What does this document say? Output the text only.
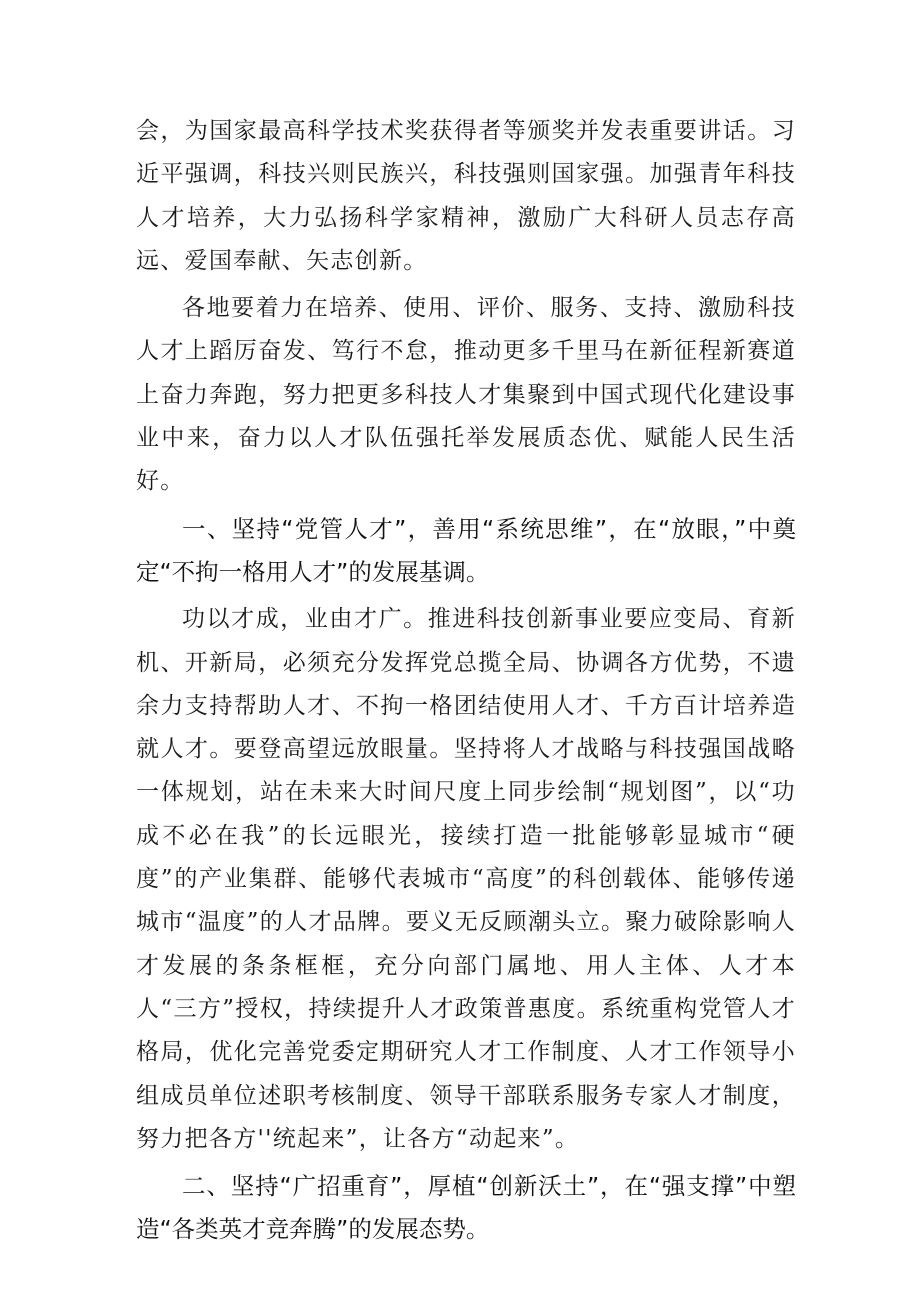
会，为国家最高科学技术奖获得者等颁奖并发表重要讲话。习近平强调，科技兴则民族兴，科技强则国家强。加强青年科技人才培养，大力弘扬科学家精神，激励广大科研人员志存高远、爱国奉献、矢志创新。

各地要着力在培养、使用、评价、服务、支持、激励科技人才上蹈厉奋发、笃行不怠，推动更多千里马在新征程新赛道上奋力奔跑，努力把更多科技人才集聚到中国式现代化建设事业中来，奋力以人才队伍强托举发展质态优、赋能人民生活好。

一、坚持“党管人才”，善用“系统思维”，在“放眼，”中奠定“不拘一格用人才”的发展基调。

功以才成，业由才广。推进科技创新事业要应变局、育新机、开新局，必须充分发挥党总揽全局、协调各方优势，不遗余力支持帮助人才、不拘一格团结使用人才、千方百计培养造就人才。要登高望远放眼量。坚持将人才战略与科技强国战略一体规划，站在未来大时间尺度上同步绘制“规划图”，以“功成不必在我”的长远眼光，接续打造一批能够彰显城市“硬度”的产业集群、能够代表城市“高度”的科创载体、能够传递城市“温度”的人才品牌。要义无反顾潮头立。聚力破除影响人才发展的条条框框，充分向部门属地、用人主体、人才本人“三方”授权，持续提升人才政策普惠度。系统重构党管人才格局，优化完善党委定期研究人才工作制度、人才工作领导小组成员单位述职考核制度、领导干部联系服务专家人才制度，努力把各方''统起来”，让各方“动起来”。

二、坚持“广招重育”，厚植“创新沃土”，在“强支撑”中塑造“各类英才竞奔腾”的发展态势。
